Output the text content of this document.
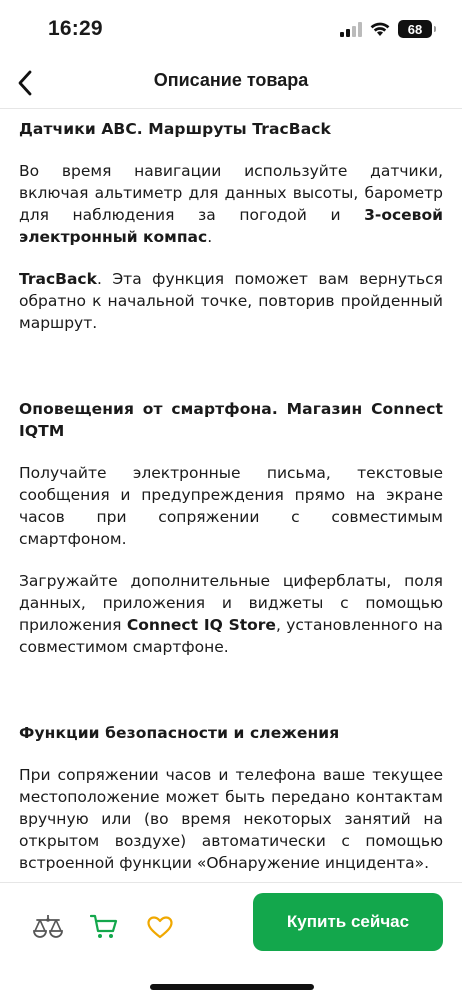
16:29	68
Описание товара

Датчики ABC. Маршруты TracBack

Во время навигации используйте датчики, включая альтиметр для данных высоты, барометр для наблюдения за погодой и 3-осевой электронный компас.

TracBack. Эта функция поможет вам вернуться обратно к начальной точке, повторив пройденный маршрут.

Оповещения от смартфона. Магазин Connect IQTM

Получайте электронные письма, текстовые сообщения и предупреждения прямо на экране часов при сопряжении с совместимым смартфоном.

Загружайте дополнительные циферблаты, поля данных, приложения и виджеты с помощью приложения Connect IQ Store, установленного на совместимом смартфоне.

Функции безопасности и слежения

При сопряжении часов и телефона ваше текущее местоположение может быть передано контактам вручную или (во время некоторых занятий на открытом воздухе) автоматически с помощью встроенной функции «Обнаружение инцидента».

Купить сейчас
